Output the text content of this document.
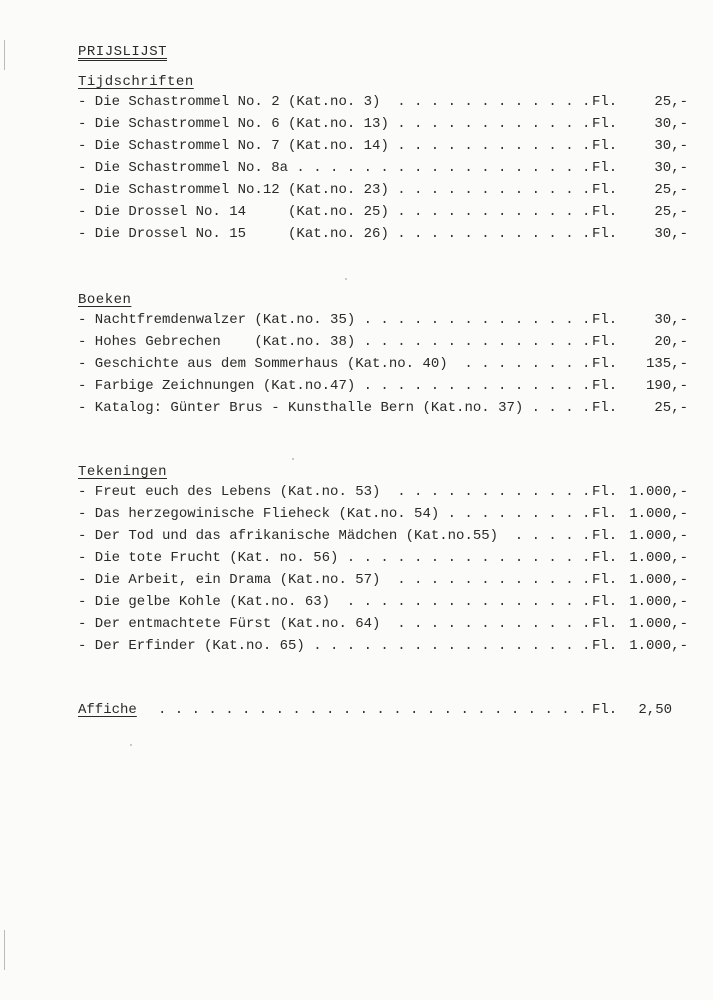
PRIJSLIJST
Tijdschriften
- Die Schastrommel No. 2 (Kat.no. 3) . . . . . . . . . . . . Fl.	25,-
- Die Schastrommel No. 6 (Kat.no. 13) . . . . . . . . . . . . Fl.	30,-
- Die Schastrommel No. 7 (Kat.no. 14) . . . . . . . . . . . . Fl.	30,-
- Die Schastrommel No. 8a . . . . . . . . . . . . . . . . . . Fl.	30,-
- Die Schastrommel No.12 (Kat.no. 23) . . . . . . . . . . . . Fl.	25,-
- Die Drossel No. 14     (Kat.no. 25) . . . . . . . . . . . . Fl.	25,-
- Die Drossel No. 15     (Kat.no. 26) . . . . . . . . . . . . Fl.	30,-
Boeken
- Nachtfremdenwalzer (Kat.no. 35) . . . . . . . . . . . . . . Fl.	30,-
- Hohes Gebrechen    (Kat.no. 38) . . . . . . . . . . . . . . Fl.	20,-
- Geschichte aus dem Sommerhaus (Kat.no. 40) . . . . . . . . Fl. 135,-
- Farbige Zeichnungen (Kat.no.47) . . . . . . . . . . . . . . Fl. 190,-
- Katalog: Günter Brus - Kunsthalle Bern (Kat.no. 37) . . . . Fl.	25,-
Tekeningen
- Freut euch des Lebens (Kat.no. 53) . . . . . . . . . . . . Fl. 1.000,-
- Das herzegowinische Flieheck (Kat.no. 54) . . . . . . . . . Fl. 1.000,-
- Der Tod und das afrikanische Mädchen (Kat.no.55) . . . . . Fl. 1.000,-
- Die tote Frucht (Kat. no. 56) . . . . . . . . . . . . . . . Fl. 1.000,-
- Die Arbeit, ein Drama (Kat.no. 57) . . . . . . . . . . . . Fl. 1.000,-
- Die gelbe Kohle (Kat.no. 63) . . . . . . . . . . . . . . . Fl. 1.000,-
- Der entmachtete Fürst (Kat.no. 64) . . . . . . . . . . . . Fl. 1.000,-
- Der Erfinder (Kat.no. 65) . . . . . . . . . . . . . . . . . Fl. 1.000,-
Affiche . . . . . . . . . . . . . . . . . . . . . . . . . . Fl. 2,50
